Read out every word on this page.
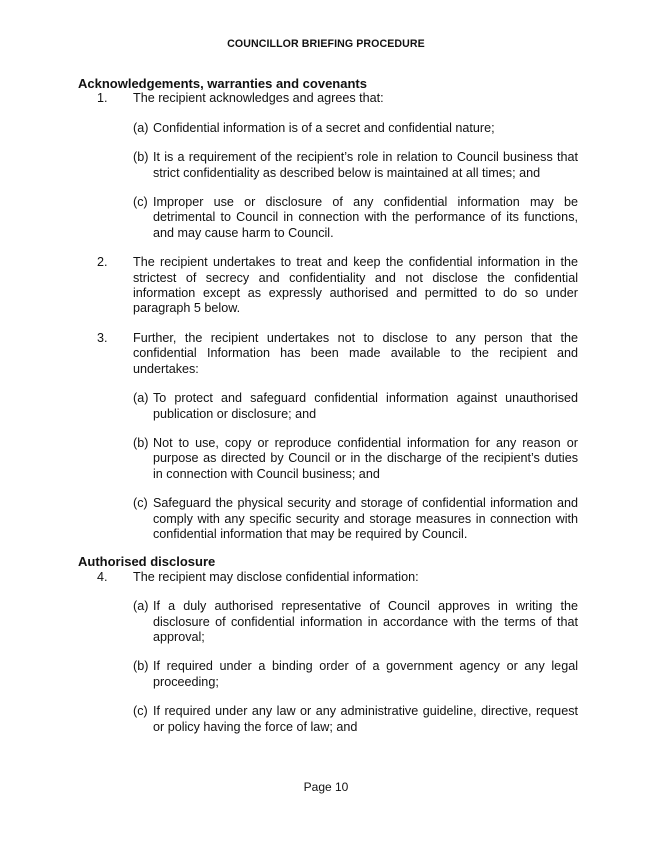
COUNCILLOR BRIEFING PROCEDURE
Acknowledgements, warranties and covenants
1. The recipient acknowledges and agrees that:
(a) Confidential information is of a secret and confidential nature;
(b) It is a requirement of the recipient’s role in relation to Council business that strict confidentiality as described below is maintained at all times; and
(c) Improper use or disclosure of any confidential information may be detrimental to Council in connection with the performance of its functions, and may cause harm to Council.
2. The recipient undertakes to treat and keep the confidential information in the strictest of secrecy and confidentiality and not disclose the confidential information except as expressly authorised and permitted to do so under paragraph 5 below.
3. Further, the recipient undertakes not to disclose to any person that the confidential Information has been made available to the recipient and undertakes:
(a) To protect and safeguard confidential information against unauthorised publication or disclosure; and
(b) Not to use, copy or reproduce confidential information for any reason or purpose as directed by Council or in the discharge of the recipient’s duties in connection with Council business; and
(c) Safeguard the physical security and storage of confidential information and comply with any specific security and storage measures in connection with confidential information that may be required by Council.
Authorised disclosure
4. The recipient may disclose confidential information:
(a) If a duly authorised representative of Council approves in writing the disclosure of confidential information in accordance with the terms of that approval;
(b) If required under a binding order of a government agency or any legal proceeding;
(c) If required under any law or any administrative guideline, directive, request or policy having the force of law; and
Page 10
